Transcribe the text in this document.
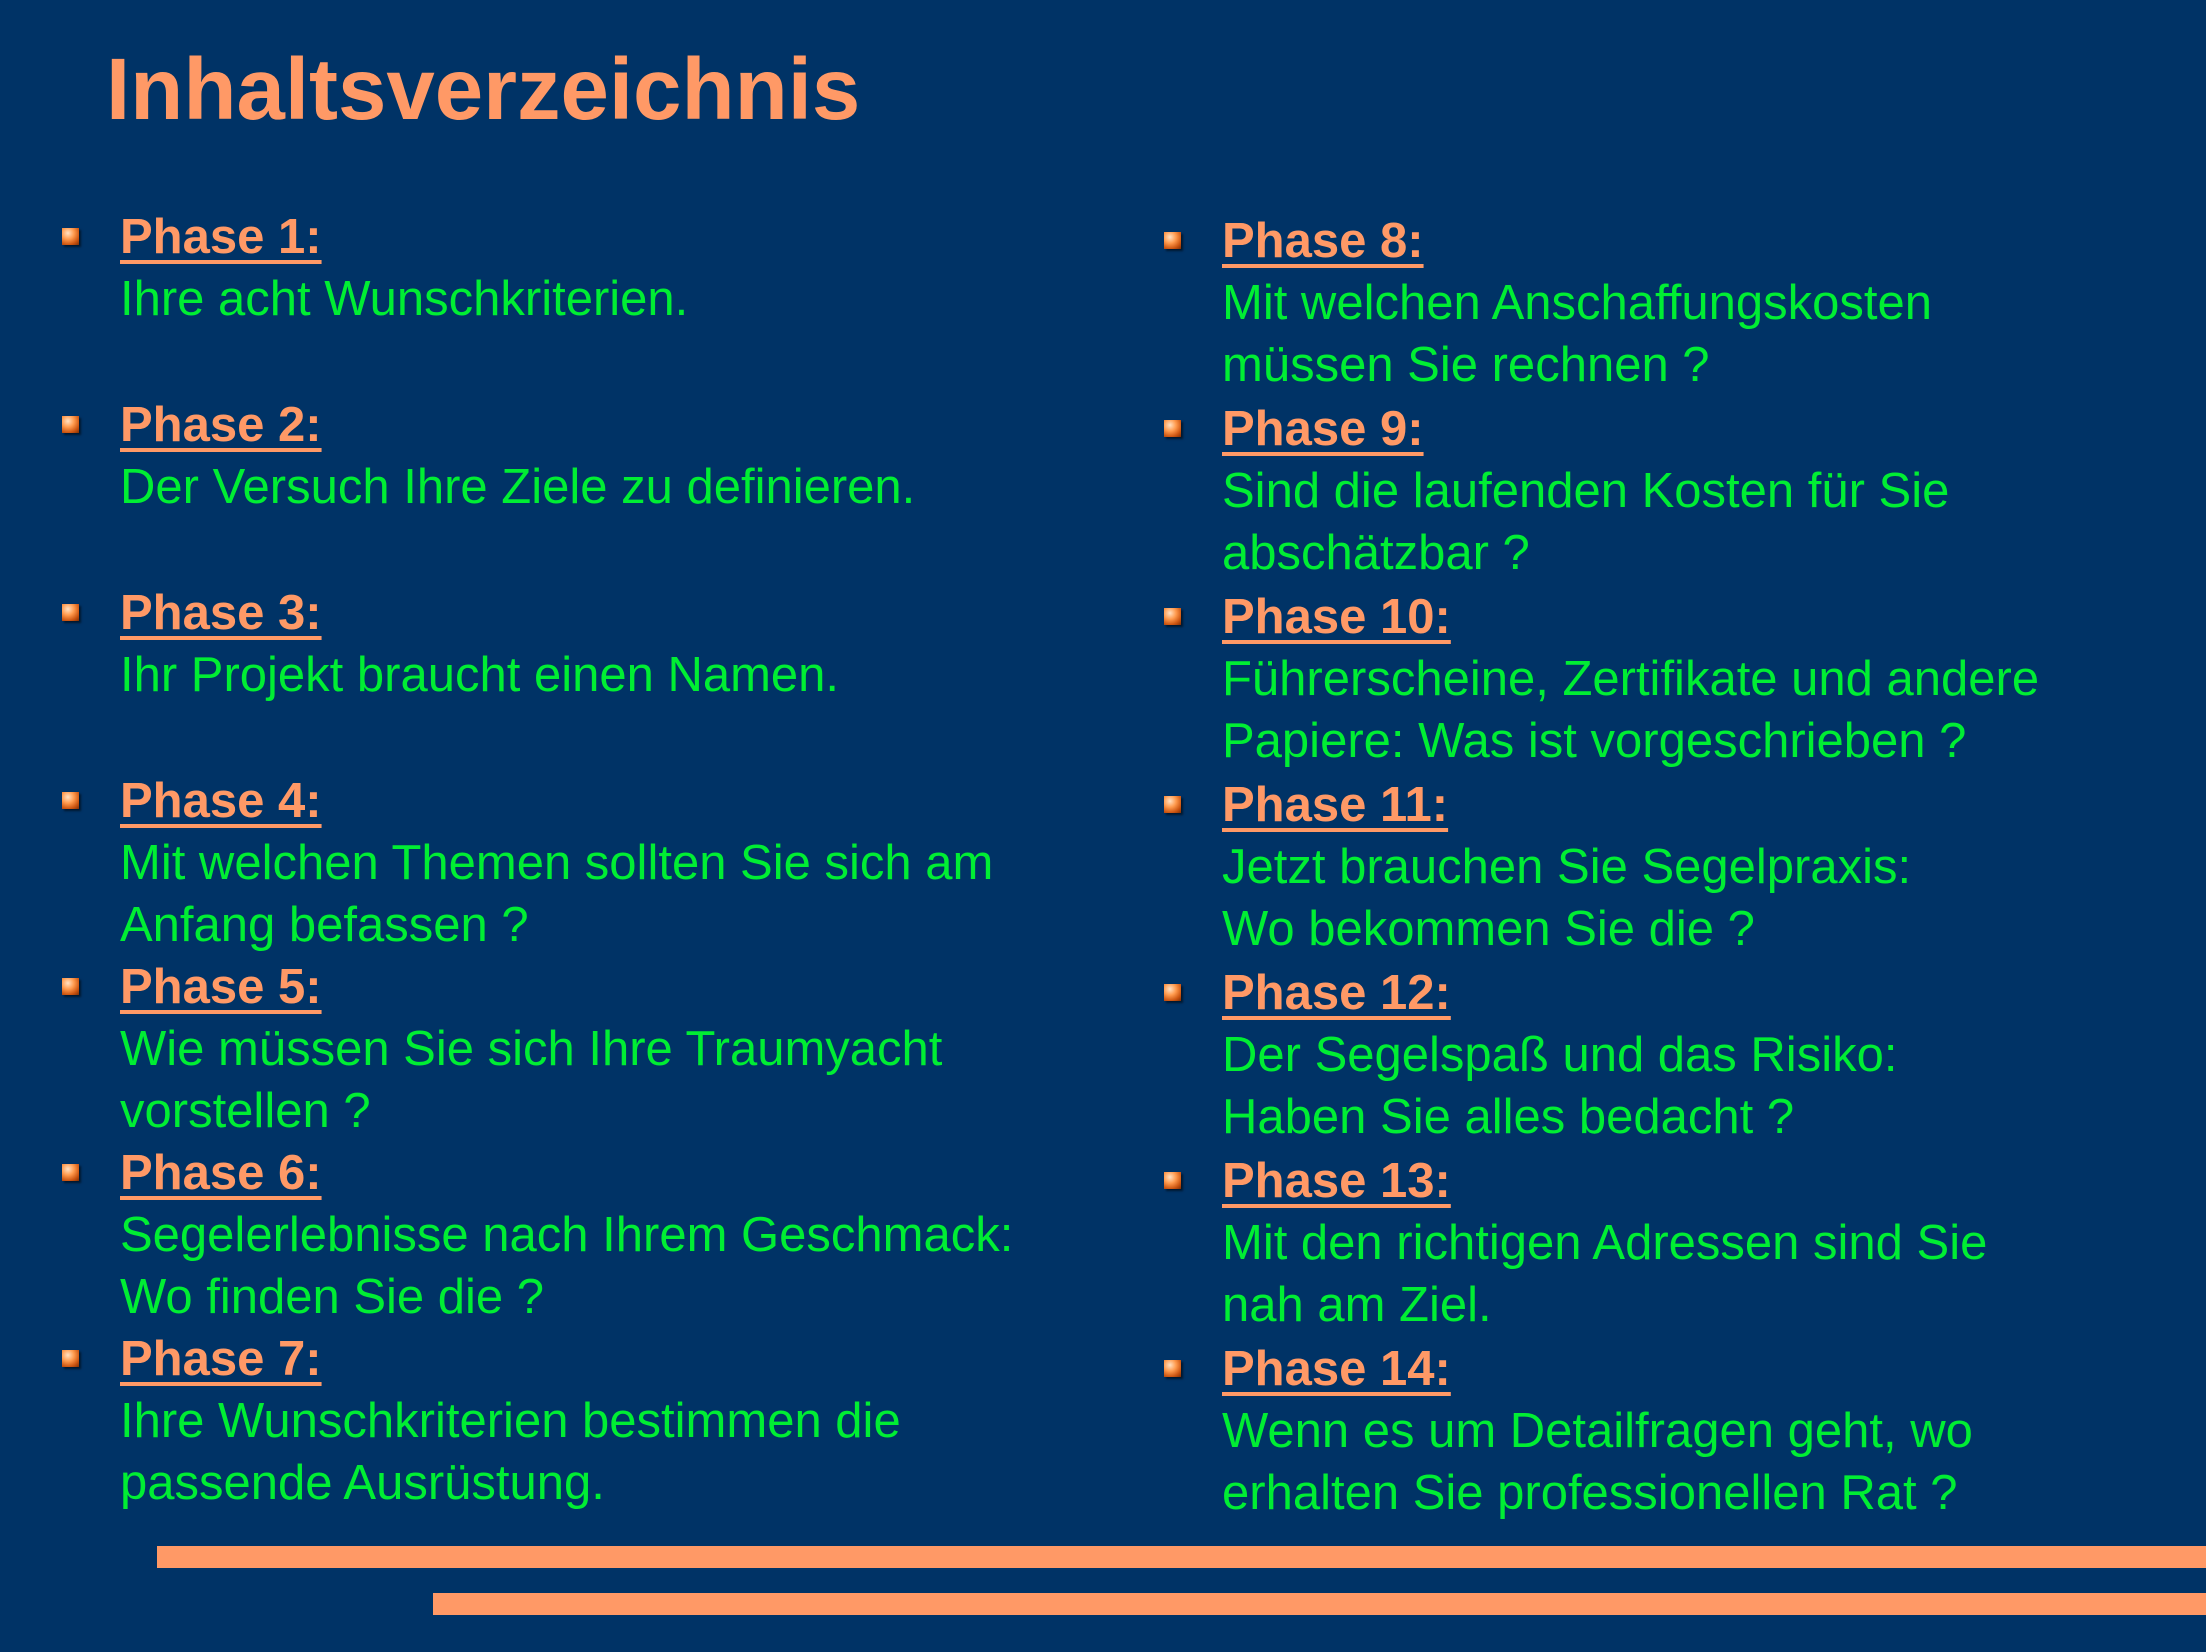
Inhaltsverzeichnis
Phase 1:
Ihre acht Wunschkriterien.
Phase 2:
Der Versuch Ihre Ziele zu definieren.
Phase 3:
Ihr Projekt braucht einen Namen.
Phase 4:
Mit welchen Themen sollten Sie sich am
Anfang befassen ?
Phase 5:
Wie müssen Sie sich Ihre Traumyacht
vorstellen ?
Phase 6:
Segelerlebnisse nach Ihrem Geschmack:
Wo finden Sie die ?
Phase 7:
Ihre Wunschkriterien bestimmen die
passende Ausrüstung.
Phase 8:
Mit welchen Anschaffungskosten
müssen Sie rechnen ?
Phase 9:
Sind die laufenden Kosten für Sie
abschätzbar ?
Phase 10:
Führerscheine, Zertifikate und andere
Papiere: Was ist vorgeschrieben ?
Phase 11:
Jetzt brauchen Sie Segelpraxis:
Wo bekommen Sie die ?
Phase 12:
Der Segelspaß und das Risiko:
Haben Sie alles bedacht ?
Phase 13:
Mit den richtigen Adressen sind Sie
nah am Ziel.
Phase 14:
Wenn es um Detailfragen geht, wo
erhalten Sie professionellen Rat ?
